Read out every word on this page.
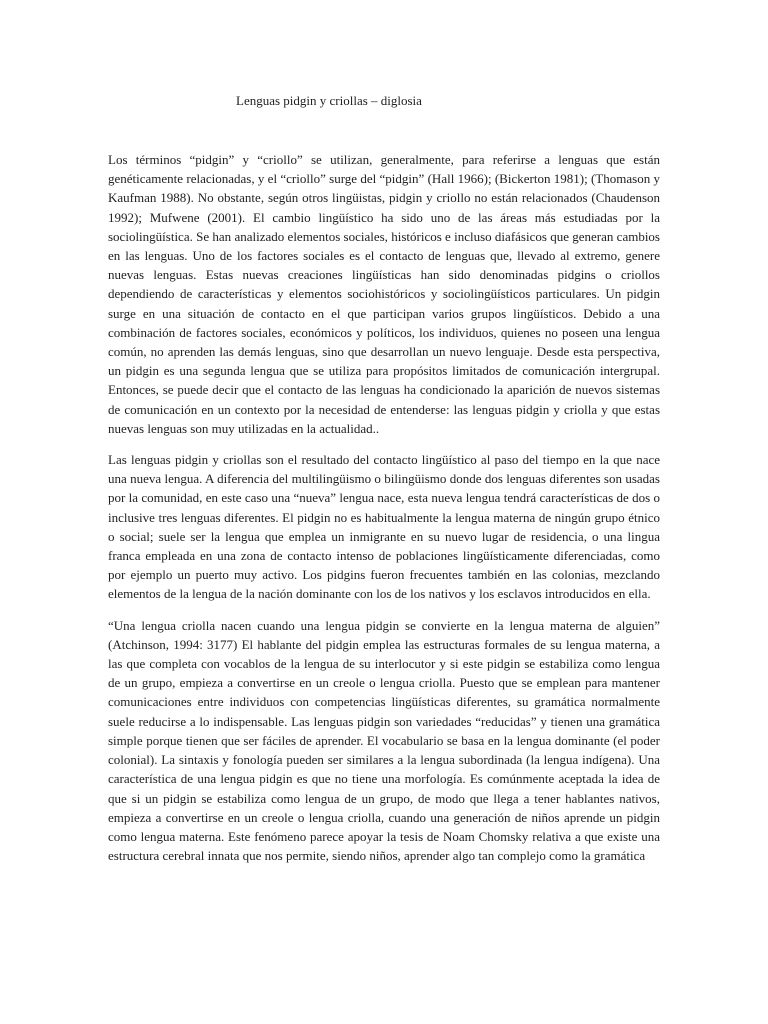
Lenguas pidgin y criollas – diglosia

Los términos “pidgin” y “criollo” se utilizan, generalmente, para referirse a lenguas que están genéticamente relacionadas, y el “criollo” surge del “pidgin” (Hall 1966); (Bickerton 1981); (Thomason y Kaufman 1988). No obstante, según otros lingüistas, pidgin y criollo no están relacionados (Chaudenson 1992); Mufwene (2001). El cambio lingüístico ha sido uno de las áreas más estudiadas por la sociolingüística. Se han analizado elementos sociales, históricos e incluso diafásicos que generan cambios en las lenguas. Uno de los factores sociales es el contacto de lenguas que, llevado al extremo, genere nuevas lenguas. Estas nuevas creaciones lingüísticas han sido denominadas pidgins o criollos dependiendo de características y elementos sociohistóricos y sociolingüísticos particulares. Un pidgin surge en una situación de contacto en el que participan varios grupos lingüísticos. Debido a una combinación de factores sociales, económicos y políticos, los individuos, quienes no poseen una lengua común, no aprenden las demás lenguas, sino que desarrollan un nuevo lenguaje. Desde esta perspectiva, un pidgin es una segunda lengua que se utiliza para propósitos limitados de comunicación intergrupal. Entonces, se puede decir que el contacto de las lenguas ha condicionado la aparición de nuevos sistemas de comunicación en un contexto por la necesidad de entenderse: las lenguas pidgin y criolla y que estas nuevas lenguas son muy utilizadas en la actualidad..

Las lenguas pidgin y criollas son el resultado del contacto lingüístico al paso del tiempo en la que nace una nueva lengua. A diferencia del multilingüismo o bilingüismo donde dos lenguas diferentes son usadas por la comunidad, en este caso una “nueva” lengua nace, esta nueva lengua tendrá características de dos o inclusive tres lenguas diferentes. El pidgin no es habitualmente la lengua materna de ningún grupo étnico o social; suele ser la lengua que emplea un inmigrante en su nuevo lugar de residencia, o una lingua franca empleada en una zona de contacto intenso de poblaciones lingüísticamente diferenciadas, como por ejemplo un puerto muy activo. Los pidgins fueron frecuentes también en las colonias, mezclando elementos de la lengua de la nación dominante con los de los nativos y los esclavos introducidos en ella.

“Una lengua criolla nacen cuando una lengua pidgin se convierte en la lengua materna de alguien” (Atchinson, 1994: 3177) El hablante del pidgin emplea las estructuras formales de su lengua materna, a las que completa con vocablos de la lengua de su interlocutor y si este pidgin se estabiliza como lengua de un grupo, empieza a convertirse en un creole o lengua criolla. Puesto que se emplean para mantener comunicaciones entre individuos con competencias lingüísticas diferentes, su gramática normalmente suele reducirse a lo indispensable. Las lenguas pidgin son variedades “reducidas” y tienen una gramática simple porque tienen que ser fáciles de aprender. El vocabulario se basa en la lengua dominante (el poder colonial). La sintaxis y fonología pueden ser similares a la lengua subordinada (la lengua indígena). Una característica de una lengua pidgin es que no tiene una morfología. Es comúnmente aceptada la idea de que si un pidgin se estabiliza como lengua de un grupo, de modo que llega a tener hablantes nativos, empieza a convertirse en un creole o lengua criolla, cuando una generación de niños aprende un pidgin como lengua materna. Este fenómeno parece apoyar la tesis de Noam Chomsky relativa a que existe una estructura cerebral innata que nos permite, siendo niños, aprender algo tan complejo como la gramática
